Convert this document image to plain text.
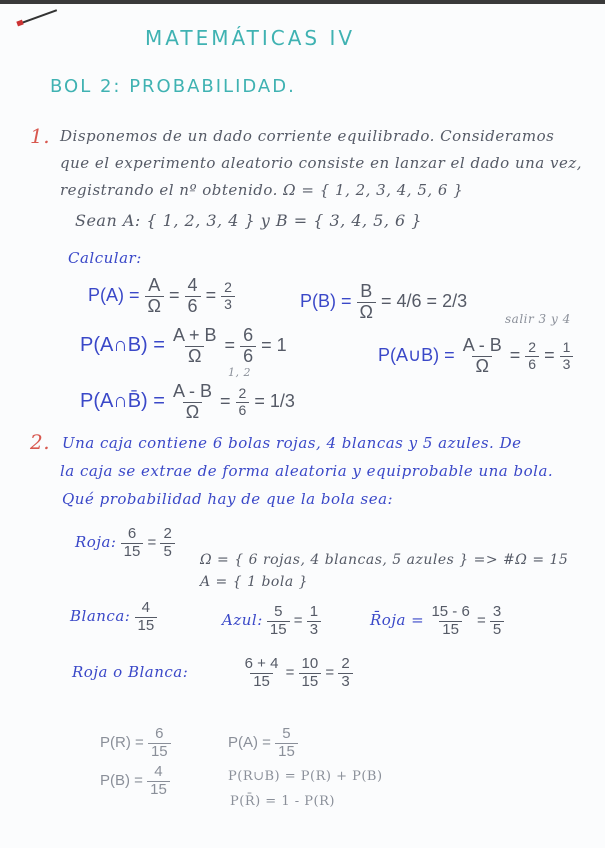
MATEMÁTICAS IV
BOL 2: PROBABILIDAD.
1. Disponemos de un dado corriente equilibrado. Consideramos
que el experimento aleatorio consiste en lanzar el dado una vez,
registrando el nº obtenido. Ω = { 1, 2, 3, 4, 5, 6 }
Sean A: { 1, 2, 3, 4 } y B = { 3, 4, 5, 6 }
Calcular:
$P(A) = \frac{A}{\Omega} = \frac{4}{6} = \frac{2}{3}$	$P(B) = \frac{B}{\Omega} = 4/6 = 2/3$
P(A∩B) = $\frac{A + B}{\Omega} = \frac{6}{6} = 1$
salir 3 y 4
P(A∪B) = $\frac{A - B}{\Omega} = \frac{2}{6} = \frac{1}{3}$
1, 2
P(A∩B̄) = $\frac{A - B}{\Omega} = \frac{2}{6} = 1/3$
2. Una caja contiene 6 bolas rojas, 4 blancas y 5 azules. De
la caja se extrae de forma aleatoria y equiprobable una bola.
Qué probabilidad hay de que la bola sea:
Roja: $\frac{6}{15} = \frac{2}{5}$ Ω = { 6 rojas, 4 blancas, 5 azules } => #Ω = 15
A = { 1 bola }
Blanca: $\frac{4}{15}$	Azul: $\frac{5}{15} = \frac{1}{3}$	R̄oja = $\frac{15 - 6}{15} = \frac{3}{5}$
Roja o Blanca:	$\frac{6 + 4}{15} = \frac{10}{15} = \frac{2}{3}$
$P(R) = \frac{6}{15}$
$P(B) = \frac{4}{15}$
$P(A) = \frac{5}{15}$
P(R∪B) = P(R) + P(B)
P(R̄) = 1 - P(R)
